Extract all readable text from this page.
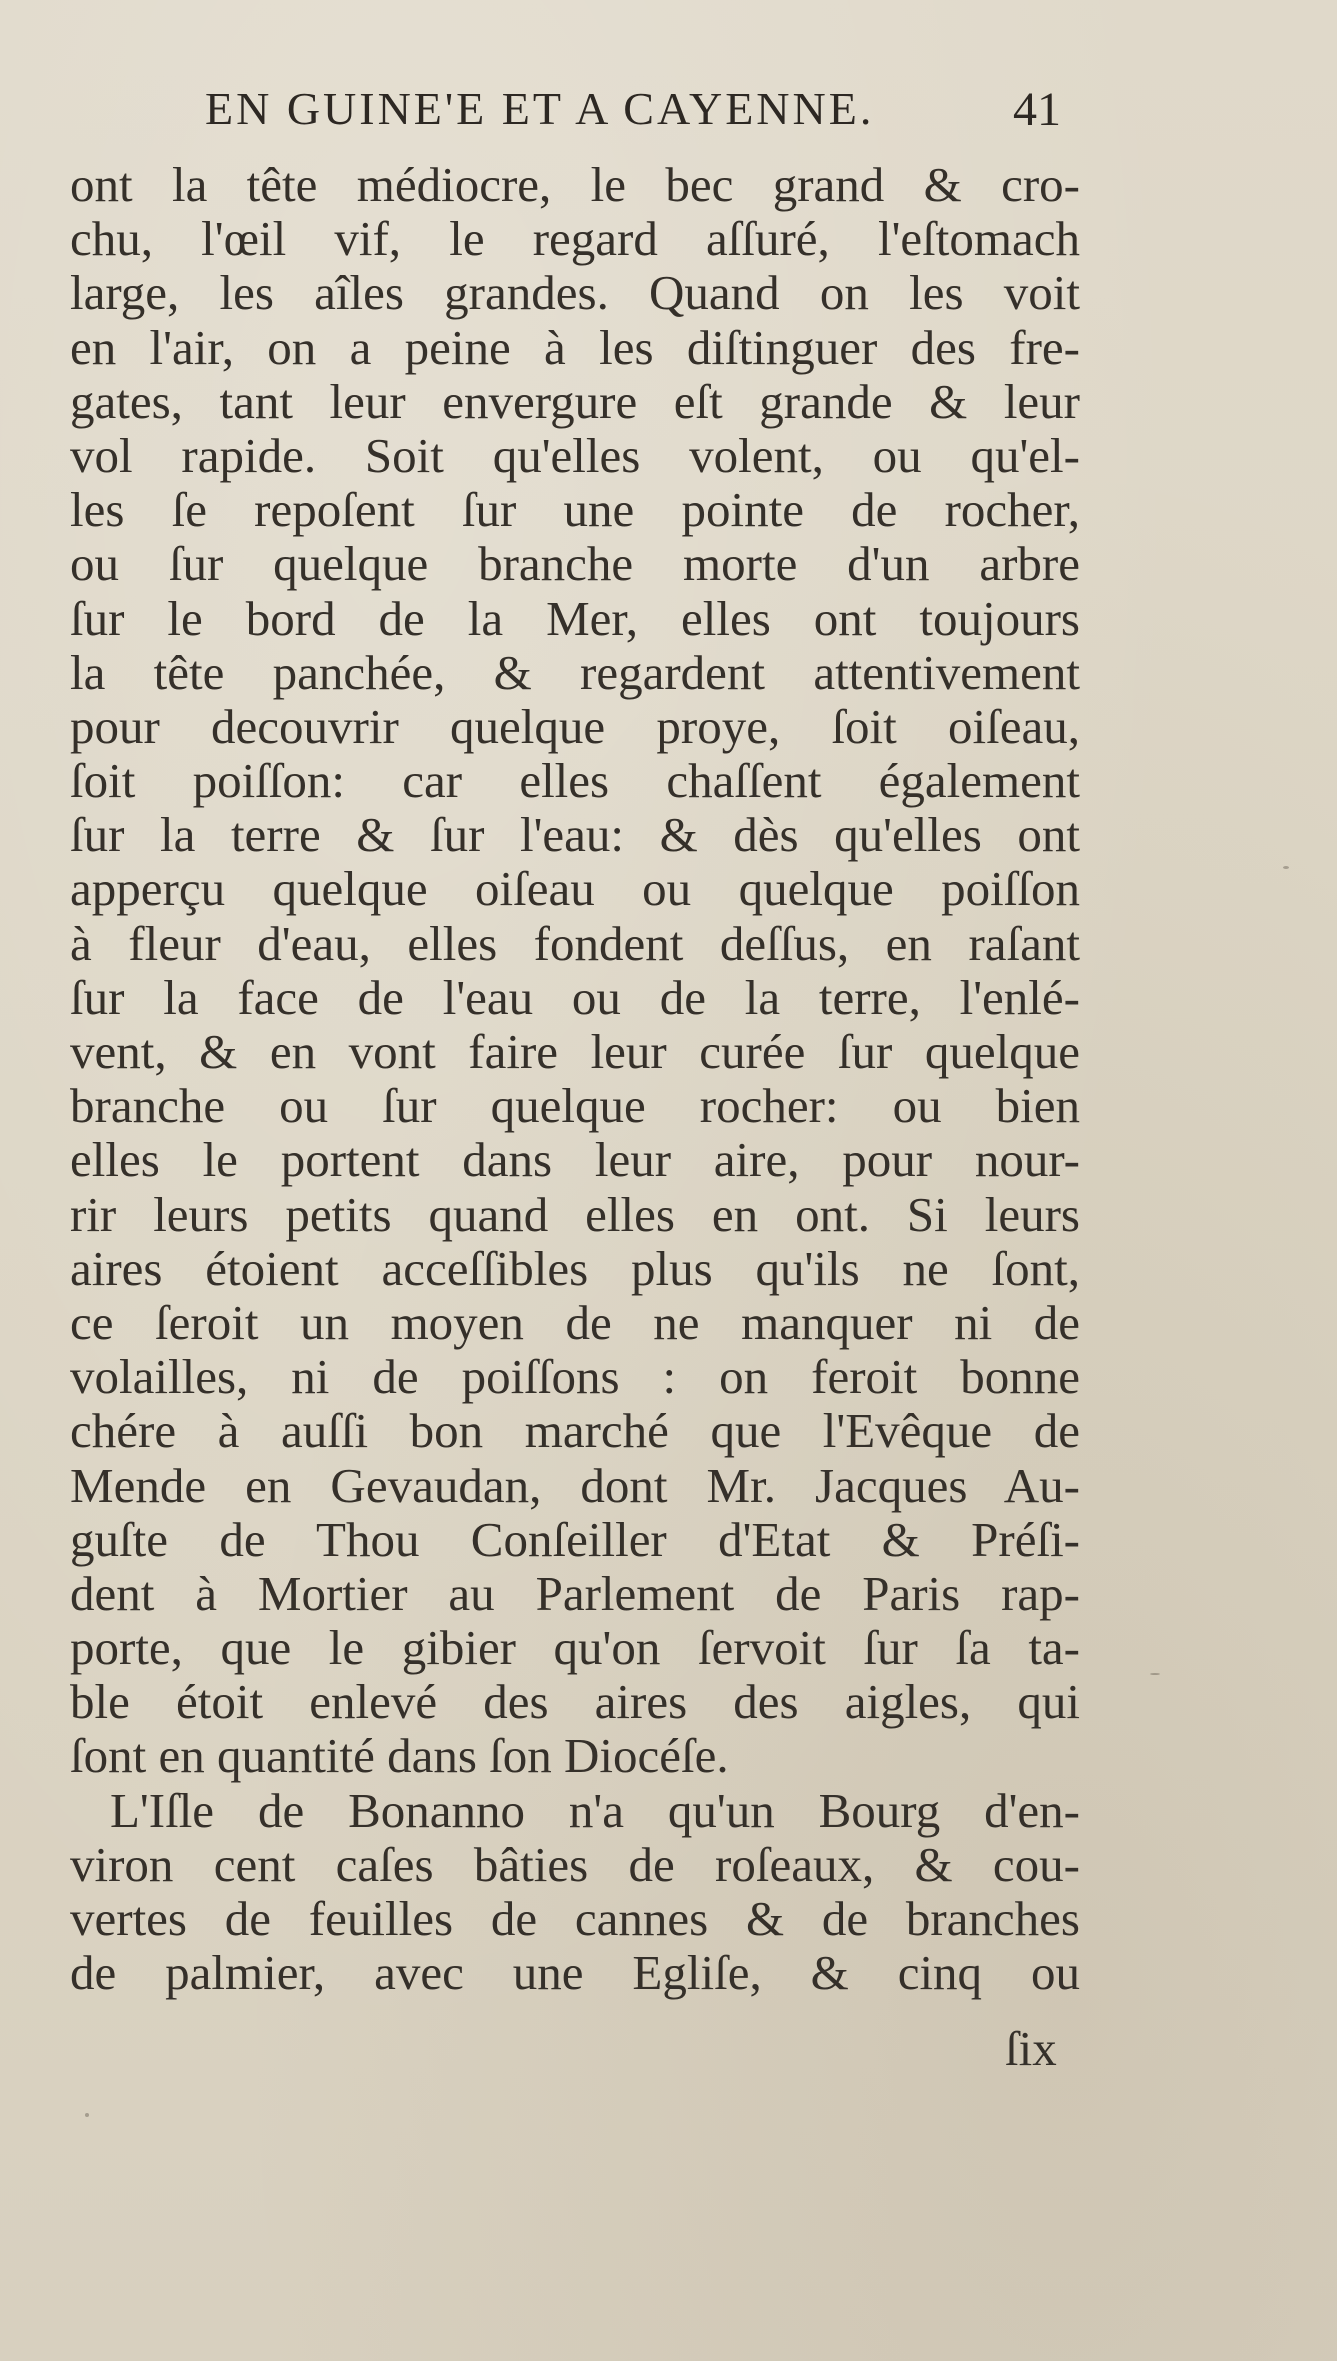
EN GUINE'E ET A CAYENNE.	41
ont la tête médiocre, le bec grand & cro-
chu, l'œil vif, le regard aſſuré, l'eſtomach
large, les aîles grandes. Quand on les voit
en l'air, on a peine à les diſtinguer des fre-
gates, tant leur envergure eſt grande & leur
vol rapide. Soit qu'elles volent, ou qu'el-
les ſe repoſent ſur une pointe de rocher,
ou ſur quelque branche morte d'un arbre
ſur le bord de la Mer, elles ont toujours
la tête panchée, & regardent attentivement
pour decouvrir quelque proye, ſoit oiſeau,
ſoit poiſſon: car elles chaſſent également
ſur la terre & ſur l'eau: & dès qu'elles ont
apperçu quelque oiſeau ou quelque poiſſon
à fleur d'eau, elles fondent deſſus, en raſant
ſur la face de l'eau ou de la terre, l'enlé-
vent, & en vont faire leur curée ſur quelque
branche ou ſur quelque rocher: ou bien
elles le portent dans leur aire, pour nour-
rir leurs petits quand elles en ont. Si leurs
aires étoient acceſſibles plus qu'ils ne ſont,
ce ſeroit un moyen de ne manquer ni de
volailles, ni de poiſſons : on feroit bonne
chére à auſſi bon marché que l'Evêque de
Mende en Gevaudan, dont Mr. Jacques Au-
guſte de Thou Conſeiller d'Etat & Préſi-
dent à Mortier au Parlement de Paris rap-
porte, que le gibier qu'on ſervoit ſur ſa ta-
ble étoit enlevé des aires des aigles, qui
ſont en quantité dans ſon Diocéſe.
L'Iſle de Bonanno n'a qu'un Bourg d'en-
viron cent caſes bâties de roſeaux, & cou-
vertes de feuilles de cannes & de branches
de palmier, avec une Egliſe, & cinq ou
ſix
